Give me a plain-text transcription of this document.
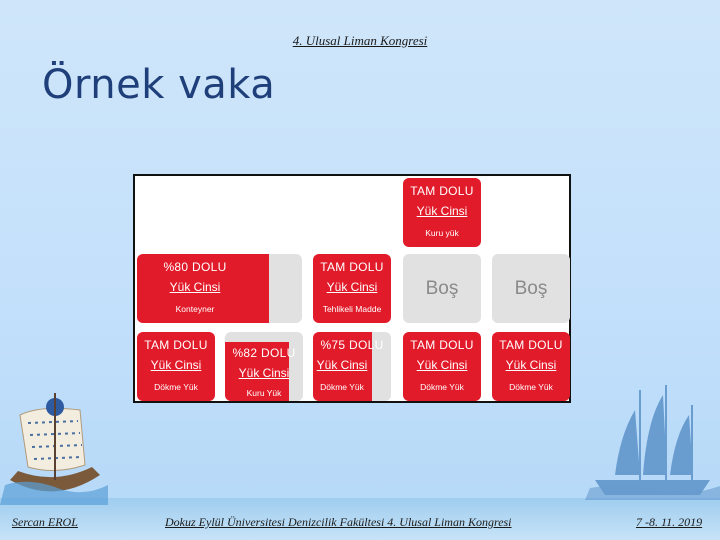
4. Ulusal Liman Kongresi
Örnek vaka
TAM DOLU
Yük Cinsi
Kuru yük
%80 DOLU
Yük Cinsi
Konteyner
TAM DOLU
Yük Cinsi
Tehlikeli Madde
Boş	Boş
TAM DOLU
Yük Cinsi
Dökme Yük
%82 DOLU
Yük Cinsi
Kuru Yük
%75 DOLU
Yük Cinsi
Dökme Yük
TAM DOLU
Yük Cinsi
Dökme Yük
TAM DOLU
Yük Cinsi
Dökme Yük
Sercan EROL	Dokuz Eylül Üniversitesi Denizcilik Fakültesi 4. Ulusal Liman Kongresi	7 -8. 11. 2019
